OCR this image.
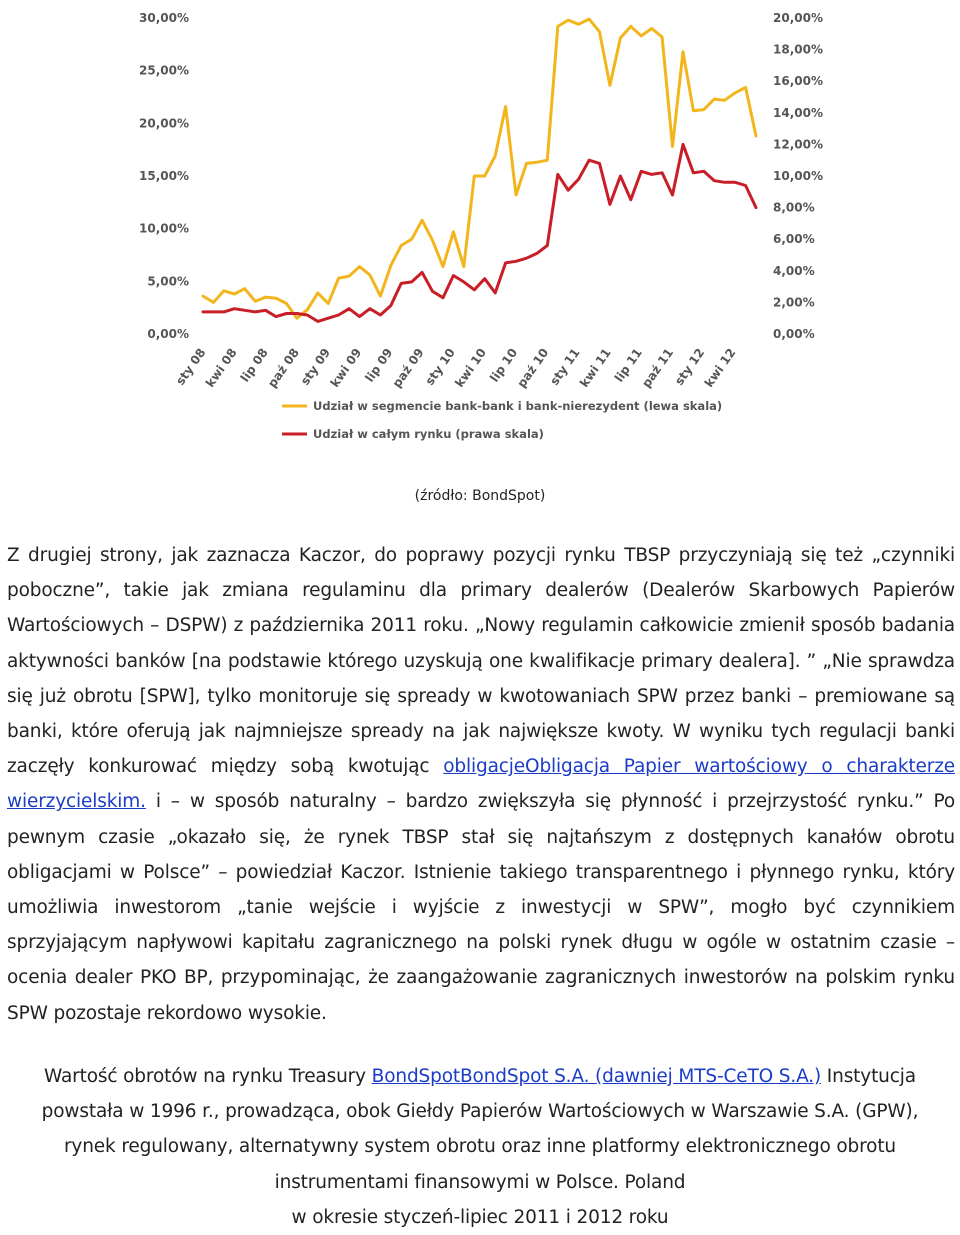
30,00%
25,00%
20,00%
15,00%
10,00%
5,00%
0,00%
20,00%
18,00%
16,00%
14,00%
12,00%
10,00%
8,00%
6,00%
4,00%
2,00%
0,00%
sty 08
kwi 08
lip 08
paź 08
sty 09
kwi 09
lip 09
paź 09
sty 10
kwi 10
lip 10
paź 10
sty 11
kwi 11
lip 11
paź 11
sty 12
kwi 12
Udział w segmencie bank-bank i bank-nierezydent (lewa skala)
Udział w całym rynku (prawa skala)
(źródło: BondSpot)

Z drugiej strony, jak zaznacza Kaczor, do poprawy pozycji rynku TBSP przyczyniają się też „czynniki poboczne”, takie jak zmiana regulaminu dla primary dealerów (Dealerów Skarbowych Papierów Wartościowych – DSPW) z października 2011 roku. „Nowy regulamin całkowicie zmienił sposób badania aktywności banków [na podstawie którego uzyskują one kwalifikacje primary dealera]. ” „Nie sprawdza się już obrotu [SPW], tylko monitoruje się spready w kwotowaniach SPW przez banki – premiowane są banki, które oferują jak najmniejsze spready na jak największe kwoty. W wyniku tych regulacji banki zaczęły konkurować między sobą kwotując obligacjeObligacja Papier wartościowy o charakterze wierzycielskim. i – w sposób naturalny – bardzo zwiększyła się płynność i przejrzystość rynku.” Po pewnym czasie „okazało się, że rynek TBSP stał się najtańszym z dostępnych kanałów obrotu obligacjami w Polsce” – powiedział Kaczor. Istnienie takiego transparentnego i płynnego rynku, który umożliwia inwestorom „tanie wejście i wyjście z inwestycji w SPW”, mogło być czynnikiem sprzyjającym napływowi kapitału zagranicznego na polski rynek długu w ogóle w ostatnim czasie – ocenia dealer PKO BP, przypominając, że zaangażowanie zagranicznych inwestorów na polskim rynku SPW pozostaje rekordowo wysokie.

Wartość obrotów na rynku Treasury BondSpotBondSpot S.A. (dawniej MTS-CeTO S.A.) Instytucja powstała w 1996 r., prowadząca, obok Giełdy Papierów Wartościowych w Warszawie S.A. (GPW), rynek regulowany, alternatywny system obrotu oraz inne platformy elektronicznego obrotu instrumentami finansowymi w Polsce. Poland
w okresie styczeń-lipiec 2011 i 2012 roku
